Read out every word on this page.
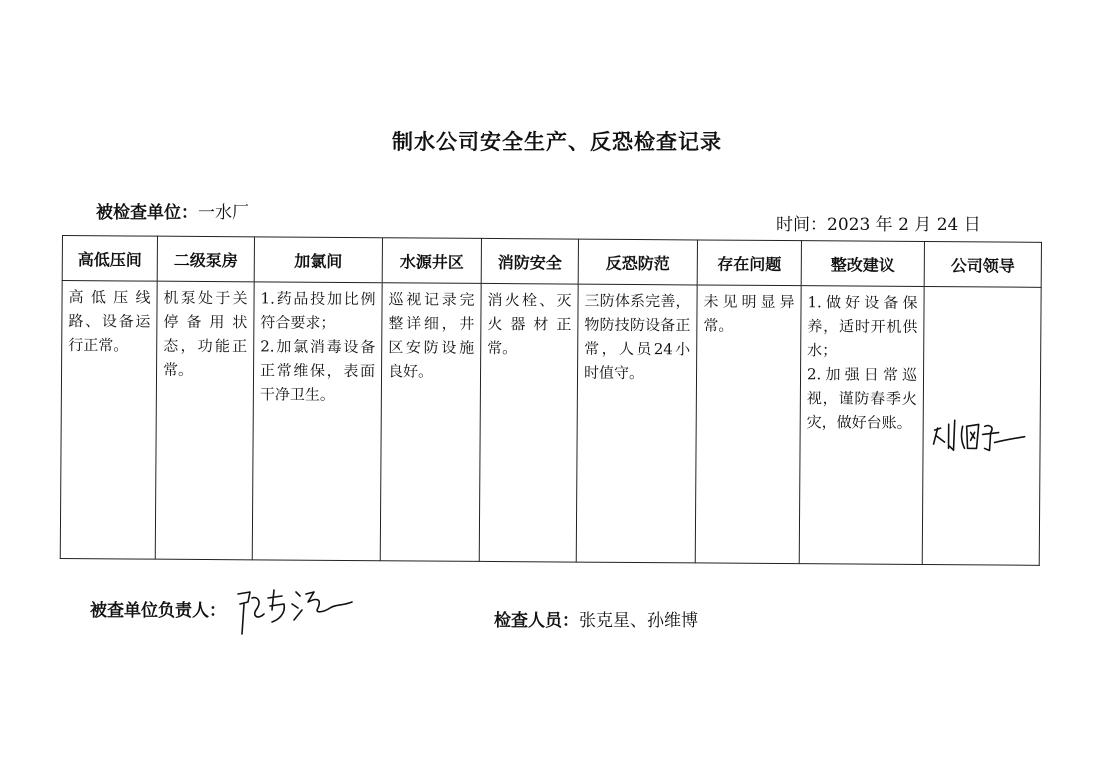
制水公司安全生产、反恐检查记录
被检查单位：一水厂
时间：2023 年 2 月 24 日
高低压间	二级泵房	加氯间	水源井区	消防安全	反恐防范	存在问题	整改建议	公司领导
高低压线路、设备运行正常。	机泵处于关停备用状态，功能正常。	1.药品投加比例符合要求；
2.加氯消毒设备正常维保，表面干净卫生。	巡视记录完整详细，井区安防设施良好。	消火栓、灭火器材正常。	三防体系完善，物防技防设备正常，人员24小时值守。	未见明显异常。	1.做好设备保养，适时开机供水；
2.加强日常巡视，谨防春季火灾，做好台账。	

被查单位负责人：	检查人员：张克星、孙维博
